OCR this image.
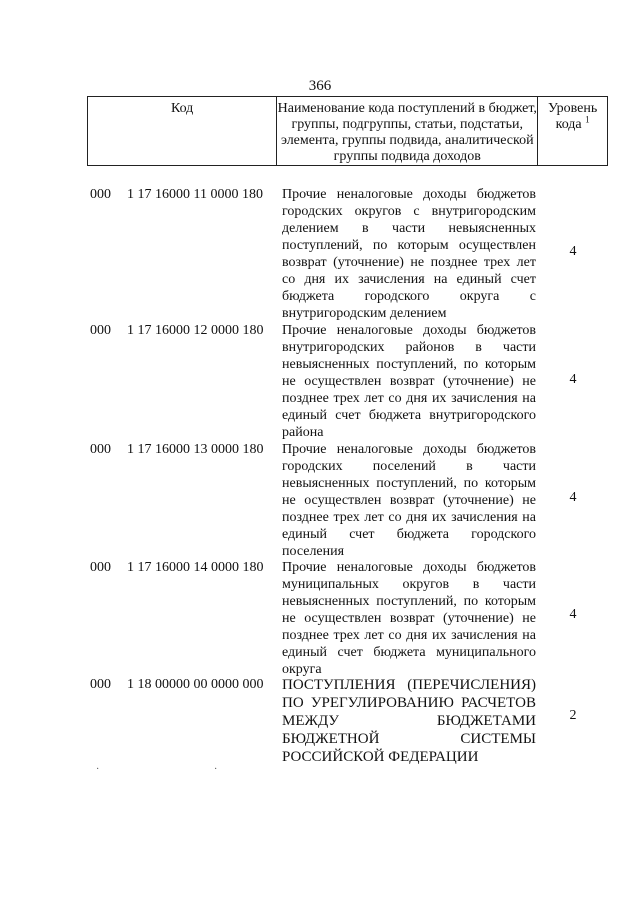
366
Код	Наименование кода поступлений в бюджет, группы, подгруппы, статьи, подстатьи, элемента, группы подвида, аналитической группы подвида доходов
Уровень кода $^1$
000 1 17 16000 11 0000 180 Прочие неналоговые доходы бюджетов городских округов с внутригородским делением в части невыясненных поступлений, по которым осуществлен возврат (уточнение) не позднее трех лет со дня их зачисления на единый счет бюджета городского округа с внутригородским делением
4
000 1 17 16000 12 0000 180 Прочие неналоговые доходы бюджетов внутригородских районов в части невыясненных поступлений, по которым не осуществлен возврат (уточнение) не позднее трех лет со дня их зачисления на единый счет бюджета внутригородского района
4
000 1 17 16000 13 0000 180 Прочие неналоговые доходы бюджетов городских поселений в части невыясненных поступлений, по которым не осуществлен возврат (уточнение) не позднее трех лет со дня их зачисления на единый счет бюджета городского поселения
4
000 1 17 16000 14 0000 180 Прочие неналоговые доходы бюджетов муниципальных округов в части невыясненных поступлений, по которым не осуществлен возврат (уточнение) не позднее трех лет со дня их зачисления на единый счет бюджета муниципального округа
4
000 1 18 00000 00 0000 000 ПОСТУПЛЕНИЯ (ПЕРЕЧИСЛЕНИЯ) ПО УРЕГУЛИРОВАНИЮ РАСЧЕТОВ МЕЖДУ БЮДЖЕТАМИ БЮДЖЕТНОЙ СИСТЕМЫ РОССИЙСКОЙ ФЕДЕРАЦИИ
2
·	·
